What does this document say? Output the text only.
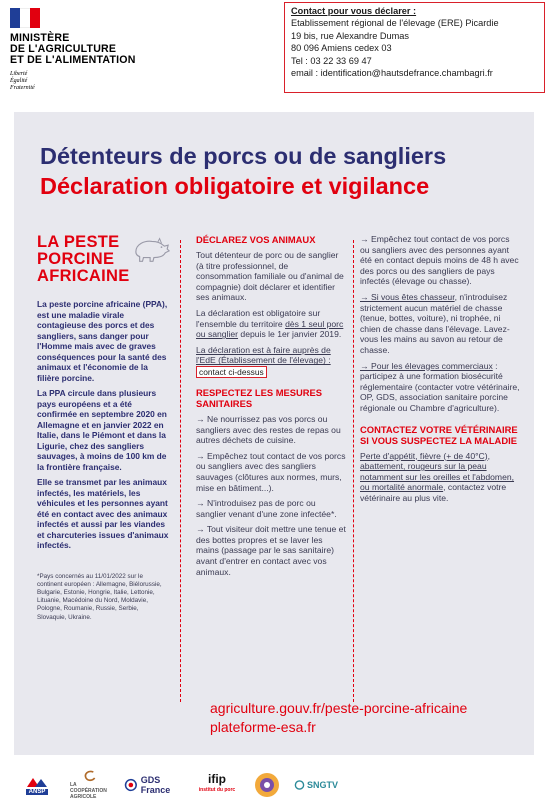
MINISTÈRE
DE L'AGRICULTURE
ET DE L'ALIMENTATION
Liberté
Égalité
Fraternité
Contact pour vous déclarer :
Etablissement régional de l'élevage (ERE) Picardie
19 bis, rue Alexandre Dumas
80 096 Amiens cedex 03
Tel : 03 22 33 69 47
email : identification@hautsdefrance.chambagri.fr
Détenteurs de porcs ou de sangliers
Déclaration obligatoire et vigilance
LA PESTE
PORCINE
AFRICAINE

La peste porcine africaine (PPA), est une maladie virale contagieuse des porcs et des sangliers, sans danger pour l'Homme mais avec de graves conséquences pour la santé des animaux et l'économie de la filière porcine.

La PPA circule dans plusieurs pays européens et a été confirmée en septembre 2020 en Allemagne et en janvier 2022 en Italie, dans le Piémont et dans la Ligurie, chez des sangliers sauvages, à moins de 100 km de la frontière française.

Elle se transmet par les animaux infectés, les matériels, les véhicules et les personnes ayant été en contact avec des animaux infectés et aussi par les viandes et charcuteries issues d'animaux infectés.

*Pays concernés au 11/01/2022 sur le continent européen : Allemagne, Biélorussie, Bulgarie, Estonie, Hongrie, Italie, Lettonie, Lituanie, Macédoine du Nord, Moldavie, Pologne, Roumanie, Russie, Serbie, Slovaquie, Ukraine.
DÉCLAREZ VOS ANIMAUX

Tout détenteur de porc ou de sanglier (à titre professionnel, de consommation familiale ou d'animal de compagnie) doit déclarer et identifier ses animaux.

La déclaration est obligatoire sur l'ensemble du territoire dès 1 seul porc ou sanglier depuis le 1er janvier 2019.

La déclaration est à faire auprès de l'EdE (Établissement de l'élevage) : contact ci-dessus

RESPECTEZ LES MESURES SANITAIRES

→ Ne nourrissez pas vos porcs ou sangliers avec des restes de repas ou autres déchets de cuisine.

→ Empêchez tout contact de vos porcs ou sangliers avec des sangliers sauvages (clôtures aux normes, murs, mise en bâtiment...).

→ N'introduisez pas de porc ou sanglier venant d'une zone infectée*.

→ Tout visiteur doit mettre une tenue et des bottes propres et se laver les mains (passage par le sas sanitaire) avant d'entrer en contact avec vos animaux.

→ Empêchez tout contact de vos porcs ou sangliers avec des personnes ayant été en contact depuis moins de 48 h avec des porcs ou des sangliers de pays infectés (élevage ou chasse).

→ Si vous êtes chasseur, n'introduisez strictement aucun matériel de chasse (tenue, bottes, voiture), ni trophée, ni chien de chasse dans l'élevage. Lavez-vous les mains au savon au retour de chasse.

→ Pour les élevages commerciaux : participez à une formation biosécurité réglementaire (contacter votre vétérinaire, OP, GDS, association sanitaire porcine régionale ou Chambre d'agriculture).

CONTACTEZ VOTRE VÉTÉRINAIRE SI VOUS SUSPECTEZ LA MALADIE

Perte d'appétit, fièvre (+ de 40°C), abattement, rougeurs sur la peau notamment sur les oreilles et l'abdomen, ou mortalité anormale, contactez votre vétérinaire au plus vite.

agriculture.gouv.fr/peste-porcine-africaine
plateforme-esa.fr
ANSP
LA COOPÉRATION AGRICOLE
GDS France
ifip
institut du porc	SNGTV
